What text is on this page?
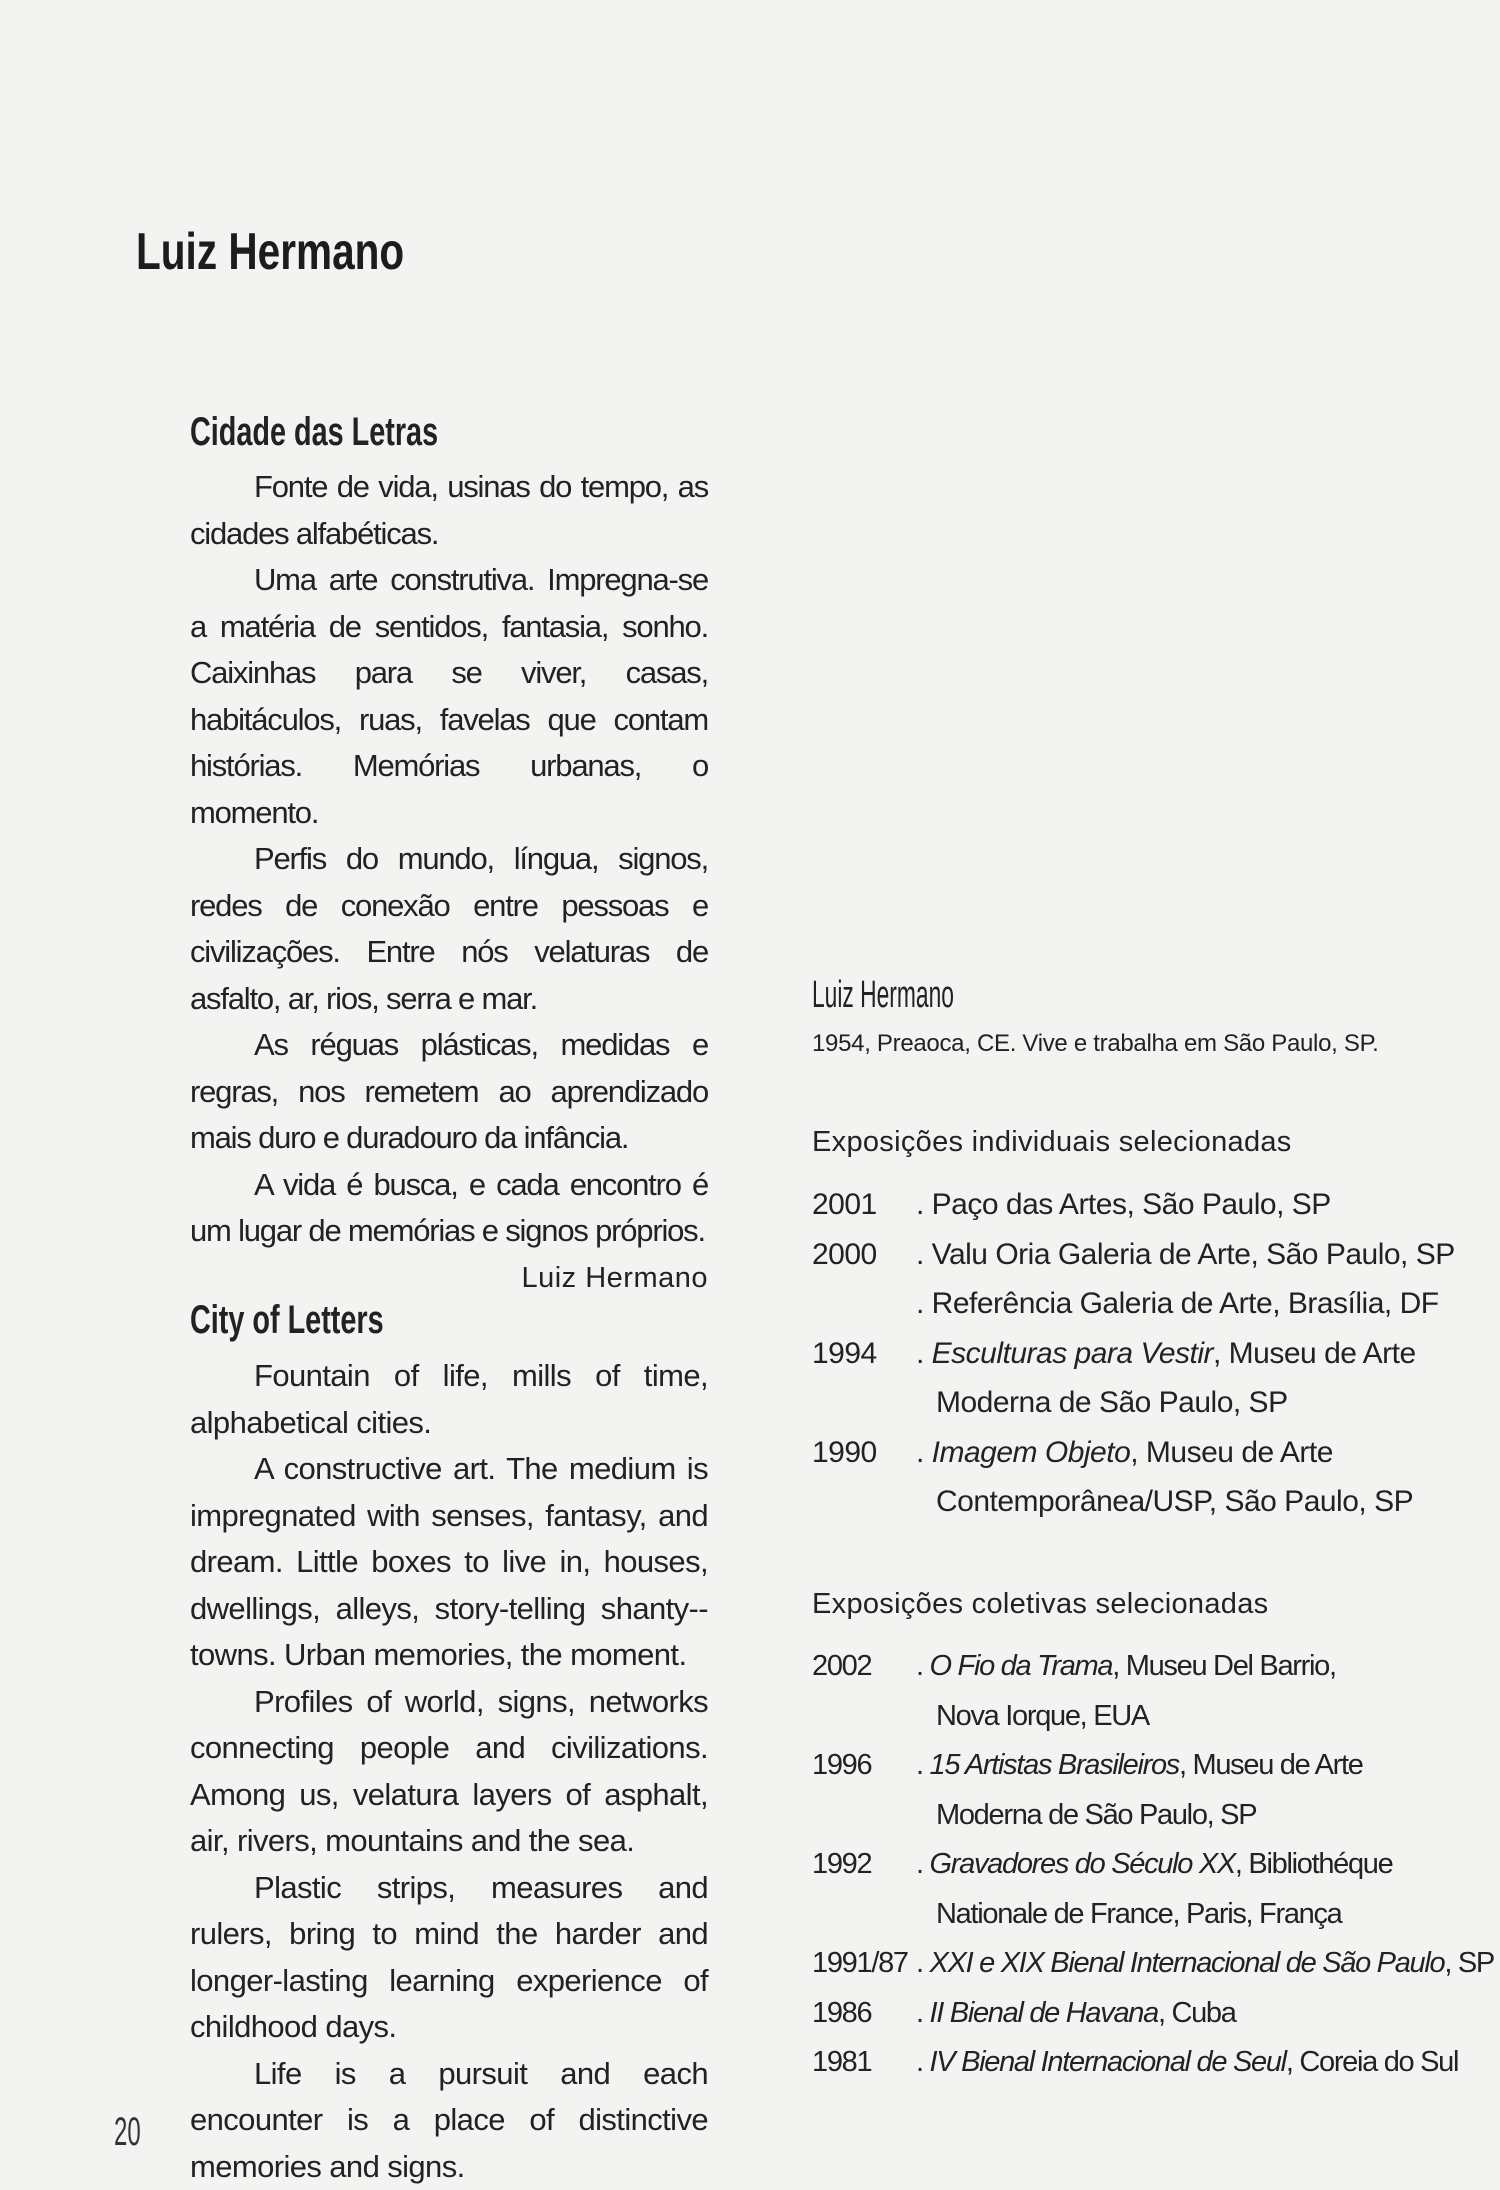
Luiz Hermano
Cidade das Letras

Fonte de vida, usinas do tempo, as cidades alfabéticas.

Uma arte construtiva. Impregna-se a matéria de sentidos, fantasia, sonho. Caixinhas para se viver, casas, habitáculos, ruas, favelas que contam histórias. Memórias urbanas, o momento.

Perfis do mundo, língua, signos, redes de conexão entre pessoas e civilizações. Entre nós velaturas de asfalto, ar, rios, serra e mar.

As réguas plásticas, medidas e regras, nos remetem ao aprendizado mais duro e duradouro da infância.

A vida é busca, e cada encontro é um lugar de memórias e signos próprios.

Luiz Hermano

City of Letters

Fountain of life, mills of time, alphabetical cities.

A constructive art. The medium is impregnated with senses, fantasy, and dream. Little boxes to live in, houses, dwellings, alleys, story-telling shanty-- towns. Urban memories, the moment.

Profiles of world, signs, networks connecting people and civilizations. Among us, velatura layers of asphalt, air, rivers, mountains and the sea.

Plastic strips, measures and rulers, bring to mind the harder and longer-lasting learning experience of childhood days.

Life is a pursuit and each encounter is a place of distinctive memories and signs.

Luiz Hermano
1954, Preaoca, CE. Vive e trabalha em São Paulo, SP.
Exposições individuais selecionadas
2001 . Paço das Artes, São Paulo, SP
2000 . Valu Oria Galeria de Arte, São Paulo, SP
. Referência Galeria de Arte, Brasília, DF
1994 . Esculturas para Vestir, Museu de Arte
Moderna de São Paulo, SP
1990 . Imagem Objeto, Museu de Arte
Contemporânea/USP, São Paulo, SP
Exposições coletivas selecionadas
2002 . O Fio da Trama, Museu Del Barrio,
Nova Iorque, EUA
1996 . 15 Artistas Brasileiros, Museu de Arte
Moderna de São Paulo, SP
1992 . Gravadores do Século XX, Bibliothéque
Nationale de France, Paris, França
1991/87 . XXI e XIX Bienal Internacional de São Paulo, SP
1986 . II Bienal de Havana, Cuba
1981 . IV Bienal Internacional de Seul, Coreia do Sul
20
